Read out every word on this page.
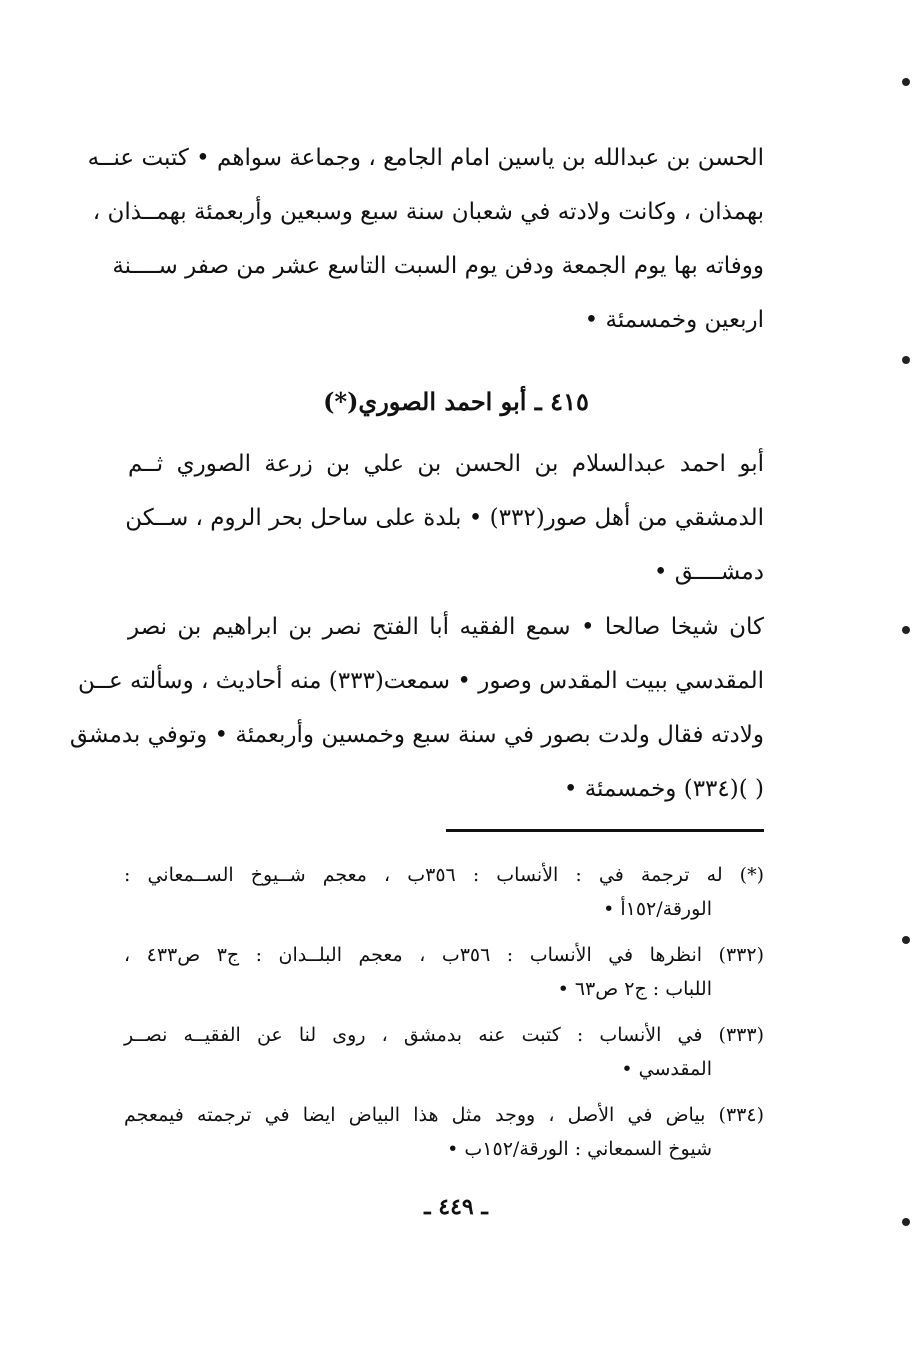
الحسن بن عبدالله بن ياسين امام الجامع ، وجماعة سواهم • كتبت عنــه
بهمذان ، وكانت ولادته في شعبان سنة سبع وسبعين وأربعمئة بهمــذان ،
ووفاته بها يوم الجمعة ودفن يوم السبت التاسع عشر من صفر ســــنة
اربعين وخمسمئة •
٤١٥ ـ أبو احمد الصوري(*)
أبو احمد عبدالسلام بن الحسن بن علي بن زرعة الصوري ثــم
الدمشقي من أهل صور(٣٣٢) • بلدة على ساحل بحر الروم ، ســكن
دمشــــق •
كان شيخا صالحا • سمع الفقيه أبا الفتح نصر بن ابراهيم بن نصر
المقدسي ببيت المقدس وصور • سمعت(٣٣٣) منه أحاديث ، وسألته عــن
ولادته فقال ولدت بصور في سنة سبع وخمسين وأربعمئة • وتوفي بدمشق
( )(٣٣٤) وخمسمئة •
(*) له ترجمة في : الأنساب : ٣٥٦ب ، معجم شــيوخ الســمعاني :
الورقة/١٥٢أ •
(٣٣٢) انظرها في الأنساب : ٣٥٦ب ، معجم البلــدان : ج٣ ص٤٣٣ ،
اللباب : ج٢ ص٦٣ •
(٣٣٣) في الأنساب : كتبت عنه بدمشق ، روى لنا عن الفقيــه نصــر
المقدسي •
(٣٣٤) بياض في الأصل ، ووجد مثل هذا البياض ايضا في ترجمته فيمعجم
شيوخ السمعاني : الورقة/١٥٢ب •
ـ ٤٤٩ ـ
